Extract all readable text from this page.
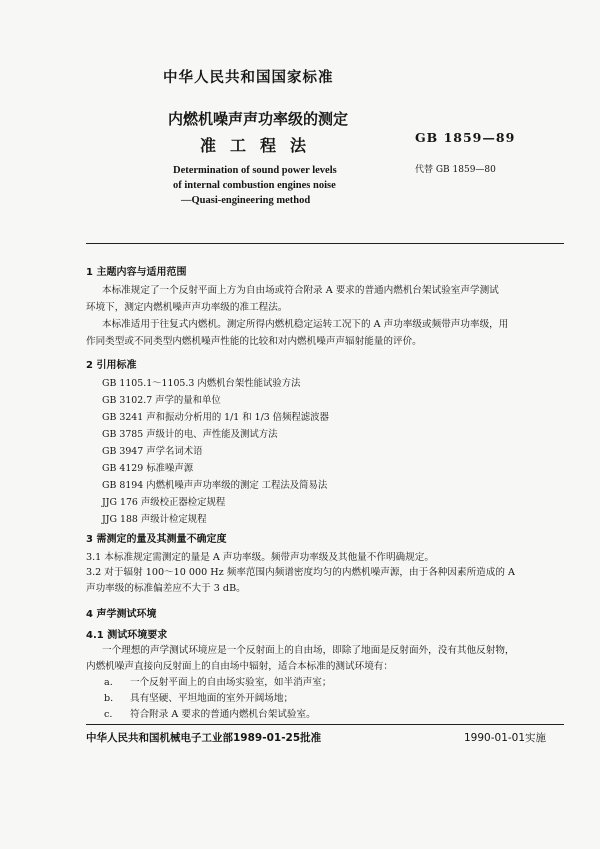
中华人民共和国国家标准
内燃机噪声声功率级的测定
准工程法	GB 1859—89
Determination of sound power levels
of internal combustion engines noise
—Quasi-engineering method
代替 GB 1859—80
1 主题内容与适用范围
本标准规定了一个反射平面上方为自由场或符合附录 A 要求的普通内燃机台架试验室声学测试
环境下，测定内燃机噪声声功率级的准工程法。
本标准适用于往复式内燃机。测定所得内燃机稳定运转工况下的 A 声功率级或频带声功率级，用
作同类型或不同类型内燃机噪声性能的比较和对内燃机噪声声辐射能量的评价。
2 引用标准
GB 1105.1～1105.3 内燃机台架性能试验方法
GB 3102.7 声学的量和单位
GB 3241 声和振动分析用的 1/1 和 1/3 倍频程滤波器
GB 3785 声级计的电、声性能及测试方法
GB 3947 声学名词术语
GB 4129 标准噪声源
GB 8194 内燃机噪声声功率级的测定 工程法及简易法
JJG 176 声级校正器检定规程
JJG 188 声级计检定规程
3 需测定的量及其测量不确定度
3.1 本标准规定需测定的量是 A 声功率级。频带声功率级及其他量不作明确规定。
3.2 对于辐射 100～10 000 Hz 频率范围内频谱密度均匀的内燃机噪声源，由于各种因素所造成的 A
声功率级的标准偏差应不大于 3 dB。
4 声学测试环境
4.1 测试环境要求
一个理想的声学测试环境应是一个反射面上的自由场，即除了地面是反射面外，没有其他反射物，
内燃机噪声直接向反射面上的自由场中辐射，适合本标准的测试环境有：
a. 一个反射平面上的自由场实验室，如半消声室；
b. 具有坚硬、平坦地面的室外开阔场地；
c. 符合附录 A 要求的普通内燃机台架试验室。
中华人民共和国机械电子工业部1989-01-25批准	1990-01-01实施
